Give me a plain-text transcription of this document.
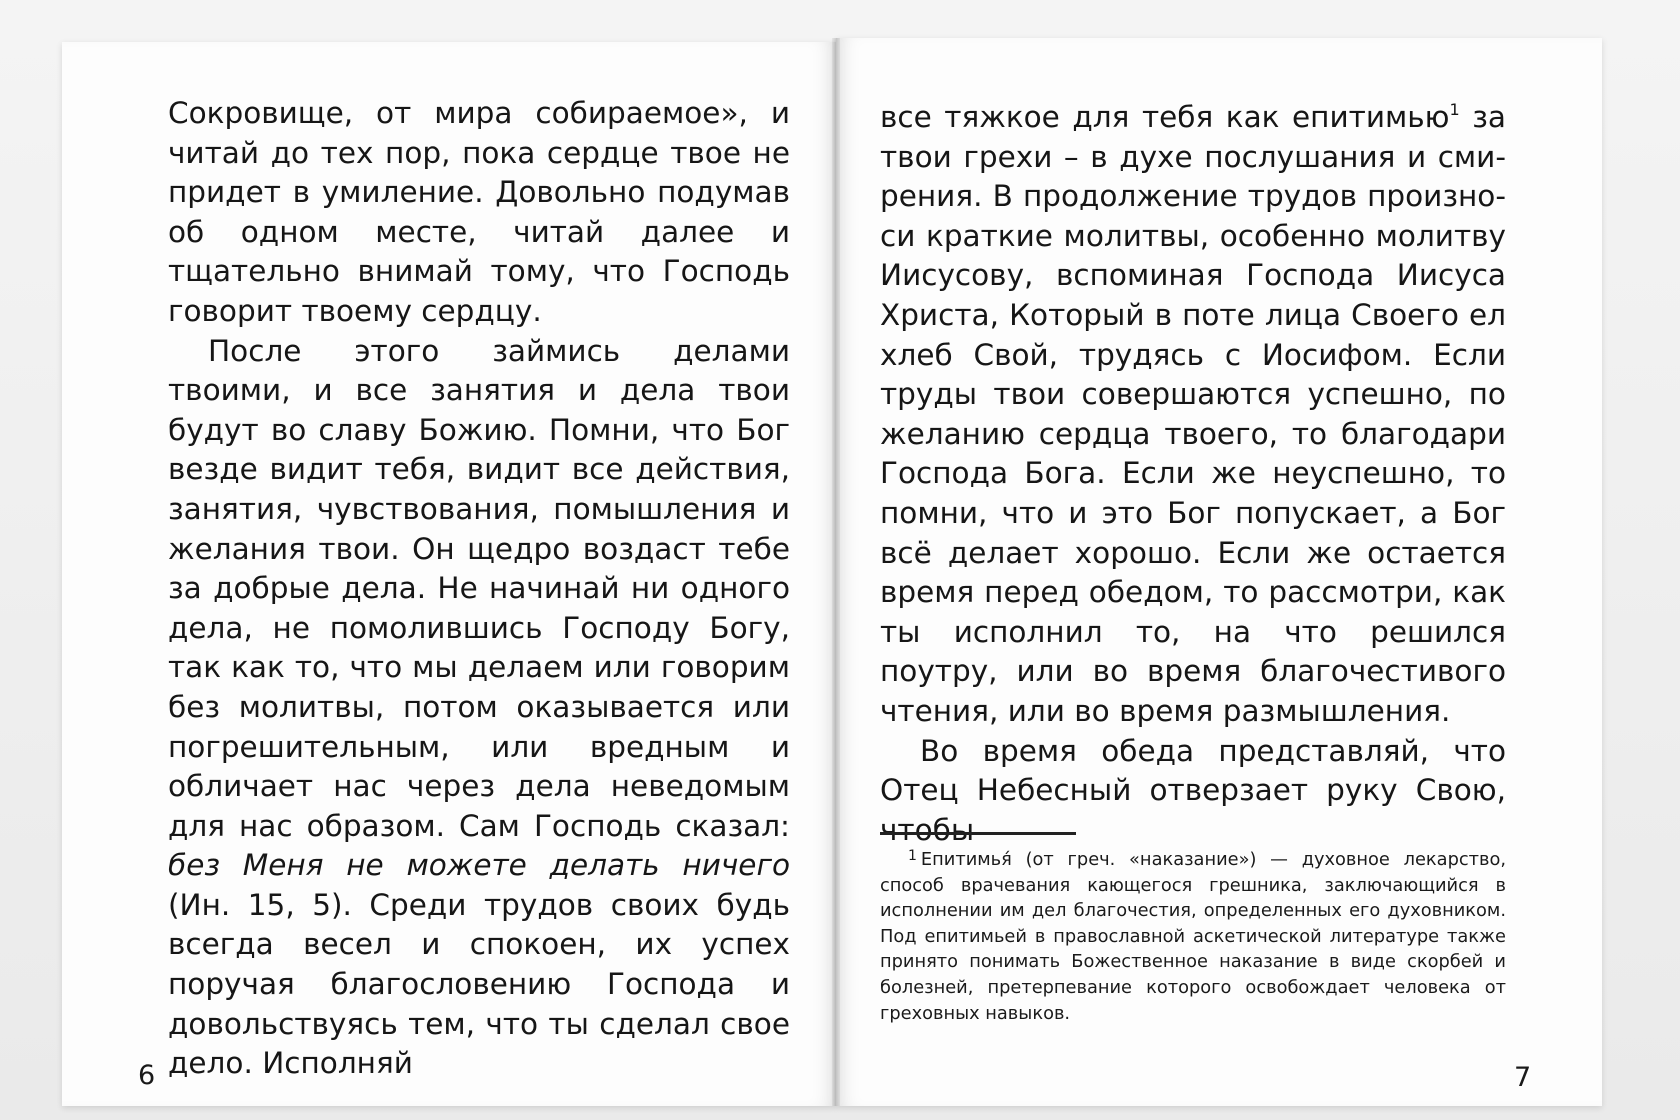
Сокровище, от мира собираемое», и читай до тех пор, пока сердце твое не придет в умиление. Довольно подумав об одном месте, читай далее и тщательно внимай тому, что Господь говорит твоему сердцу.

После этого займись делами твоими, и все занятия и дела твои будут во славу Божию. Помни, что Бог везде видит тебя, видит все действия, занятия, чувствования, помышления и желания твои. Он щедро воздаст тебе за добрые дела. Не начинай ни одного дела, не помолившись Господу Богу, так как то, что мы делаем или говорим без молитвы, потом оказывается или погрешительным, или вредным и обличает нас через дела неведомым для нас образом. Сам Господь сказал: без Меня не можете делать ничего (Ин. 15, 5). Среди трудов своих будь всегда весел и спокоен, их успех поручая благословению Господа и довольствуясь тем, что ты сделал свое дело. Исполняй

6

все тяжкое для тебя как епитимью$^1$ за твои грехи – в духе послушания и смирения. В продолжение трудов произноси краткие молитвы, особенно молитву Иисусову, вспоминая Господа Иисуса Христа, Который в поте лица Своего ел хлеб Свой, трудясь с Иосифом. Если труды твои совершаются успешно, по желанию сердца твоего, то благодари Господа Бога. Если же неуспешно, то помни, что и это Бог попускает, а Бог всё делает хорошо. Если же остается время перед обедом, то рассмотри, как ты исполнил то, на что решился поутру, или во время благочестивого чтения, или во время размышления.

Во время обеда представляй, что Отец Небесный отверзает руку Свою, чтобы

$^1$ Епитимья́ (от греч. «наказание») — духовное лекарство, способ врачевания кающегося грешника, заключающийся в исполнении им дел благочестия, определенных его духовником. Под епитимьей в православной аскетической литературе также принято понимать Божественное наказание в виде скорбей и болезней, претерпевание которого освобождает человека от греховных навыков.
7
